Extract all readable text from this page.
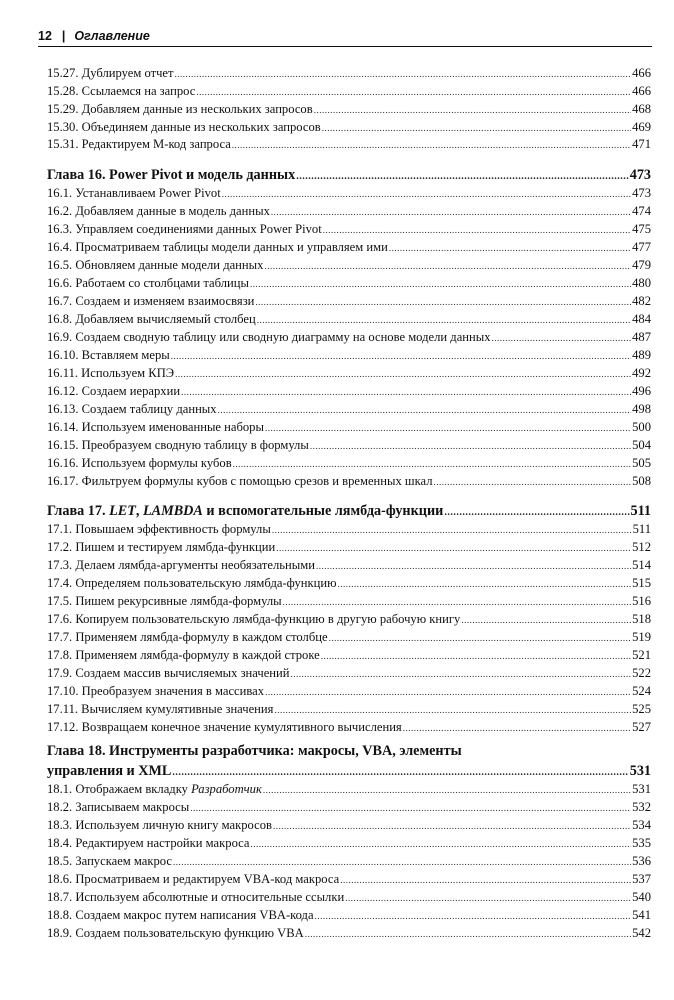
12 | Оглавление
15.27. Дублируем отчет .....	466
15.28. Ссылаемся на запрос .....	466
15.29. Добавляем данные из нескольких запросов .....	468
15.30. Объединяем данные из нескольких запросов .....	469
15.31. Редактируем М-код запроса .....	471
Глава 16. Power Pivot и модель данных .....	473
16.1. Устанавливаем Power Pivot .....	473
16.2. Добавляем данные в модель данных .....	474
16.3. Управляем соединениями данных Power Pivot .....	475
16.4. Просматриваем таблицы модели данных и управляем ими .....	477
16.5. Обновляем данные модели данных .....	479
16.6. Работаем со столбцами таблицы .....	480
16.7. Создаем и изменяем взаимосвязи .....	482
16.8. Добавляем вычисляемый столбец .....	484
16.9. Создаем сводную таблицу или сводную диаграмму на основе модели данных .....	487
16.10. Вставляем меры .....	489
16.11. Используем КПЭ .....	492
16.12. Создаем иерархии .....	496
16.13. Создаем таблицу данных .....	498
16.14. Используем именованные наборы .....	500
16.15. Преобразуем сводную таблицу в формулы .....	504
16.16. Используем формулы кубов .....	505
16.17. Фильтруем формулы кубов с помощью срезов и временных шкал .....	508
Глава 17. LET, LAMBDA и вспомогательные лямбда-функции .....	511
17.1. Повышаем эффективность формулы .....	511
17.2. Пишем и тестируем лямбда-функции .....	512
17.3. Делаем лямбда-аргументы необязательными .....	514
17.4. Определяем пользовательскую лямбда-функцию .....	515
17.5. Пишем рекурсивные лямбда-формулы .....	516
17.6. Копируем пользовательскую лямбда-функцию в другую рабочую книгу .....	518
17.7. Применяем лямбда-формулу в каждом столбце .....	519
17.8. Применяем лямбда-формулу в каждой строке .....	521
17.9. Создаем массив вычисляемых значений .....	522
17.10. Преобразуем значения в массивах .....	524
17.11. Вычисляем кумулятивные значения .....	525
17.12. Возвращаем конечное значение кумулятивного вычисления .....	527
Глава 18. Инструменты разработчика: макросы, VBA, элементы
управления и XML .....	531
18.1. Отображаем вкладку Разработчик .....	531
18.2. Записываем макросы .....	532
18.3. Используем личную книгу макросов .....	534
18.4. Редактируем настройки макроса .....	535
18.5. Запускаем макрос .....	536
18.6. Просматриваем и редактируем VBA-код макроса .....	537
18.7. Используем абсолютные и относительные ссылки .....	540
18.8. Создаем макрос путем написания VBA-кода .....	541
18.9. Создаем пользовательскую функцию VBA .....	542
